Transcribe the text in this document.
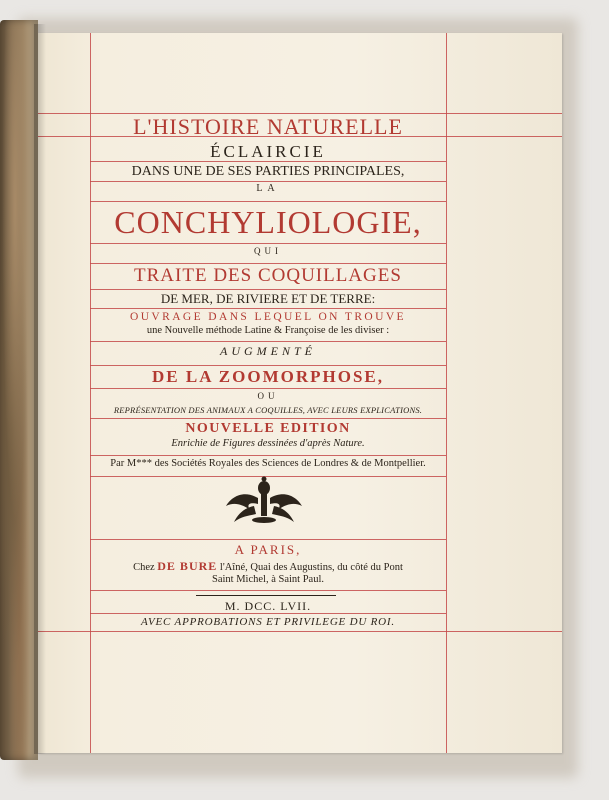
L'HISTOIRE NATURELLE
ÉCLAIRCIE
DANS UNE DE SES PARTIES PRINCIPALES,
LA
CONCHYLIOLOGIE,
QUI
TRAITE DES COQUILLAGES
DE MER, DE RIVIERE ET DE TERRE:
OUVRAGE DANS LEQUEL ON TROUVE
une Nouvelle méthode Latine & Françoise de les diviser :
AUGMENTÉ
DE LA ZOOMORPHOSE,
OU
REPRÉSENTATION DES ANIMAUX A COQUILLES, AVEC LEURS EXPLICATIONS.
NOUVELLE EDITION
Enrichie de Figures dessinées d'après Nature.
Par M*** des Sociétés Royales des Sciences de Londres & de Montpellier.
A PARIS,
Chez DE BURE l'Aîné, Quai des Augustins, du côté du Pont
Saint Michel, à Saint Paul.
M. DCC. LVII.
AVEC APPROBATIONS ET PRIVILEGE DU ROI.
